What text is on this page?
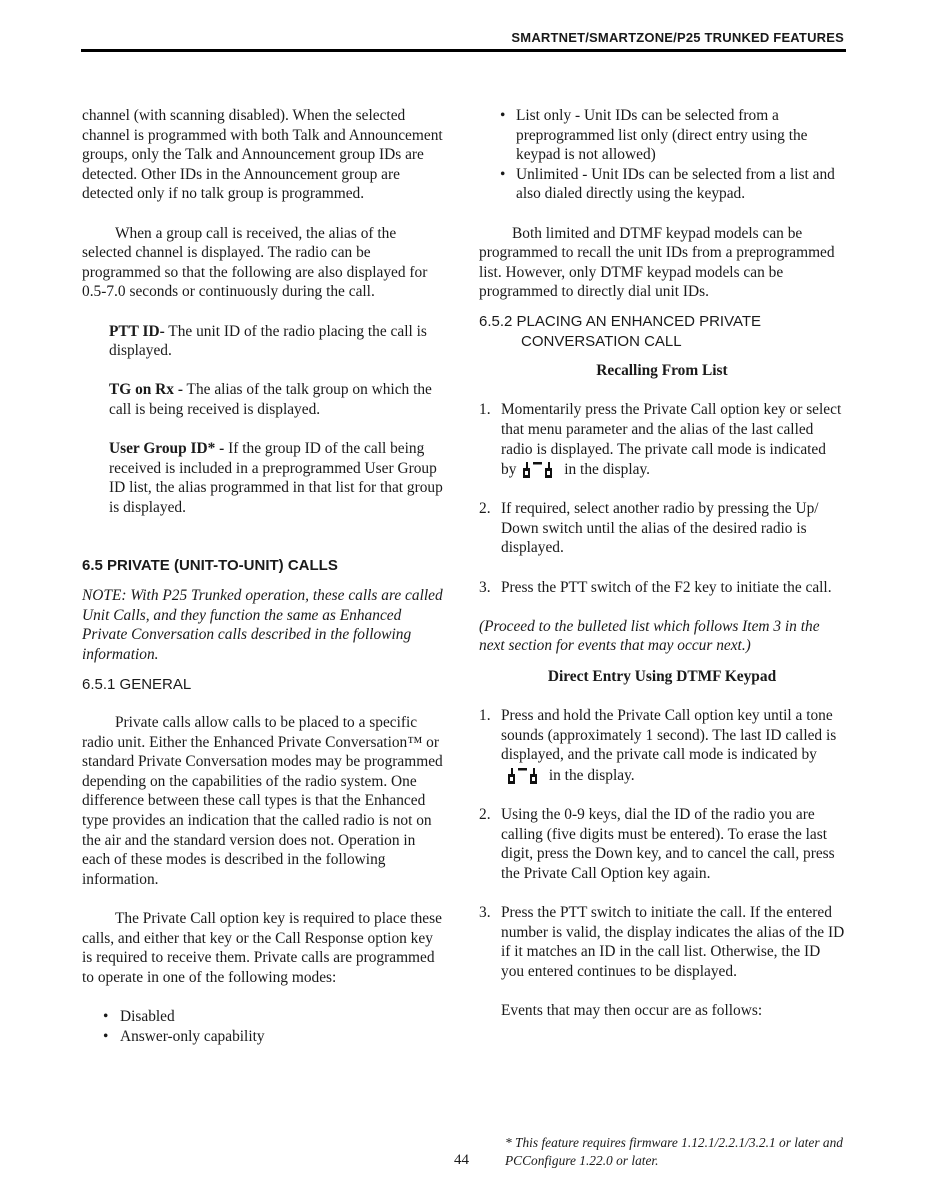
SMARTNET/SMARTZONE/P25 TRUNKED FEATURES

channel (with scanning disabled). When the selected channel is programmed with both Talk and Announcement groups, only the Talk and Announcement group IDs are detected. Other IDs in the Announcement group are detected only if no talk group is programmed.

When a group call is received, the alias of the selected channel is displayed. The radio can be programmed so that the following are also displayed for 0.5-7.0 seconds or continuously during the call.

PTT ID- The unit ID of the radio placing the call is displayed.

TG on Rx - The alias of the talk group on which the call is being received is displayed.

User Group ID* - If the group ID of the call being received is included in a preprogrammed User Group ID list, the alias programmed in that list for that group is displayed.

6.5 PRIVATE (UNIT-TO-UNIT) CALLS

NOTE: With P25 Trunked operation, these calls are called Unit Calls, and they function the same as Enhanced Private Conversation calls described in the following information.

6.5.1 GENERAL

Private calls allow calls to be placed to a specific radio unit. Either the Enhanced Private Conversation™ or standard Private Conversation modes may be programmed depending on the capabilities of the radio system. One difference between these call types is that the Enhanced type provides an indication that the called radio is not on the air and the standard version does not. Operation in each of these modes is described in the following information.

The Private Call option key is required to place these calls, and either that key or the Call Response option key is required to receive them. Private calls are programmed to operate in one of the following modes:

• Disabled
• Answer-only capability
• List only - Unit IDs can be selected from a preprogrammed list only (direct entry using the keypad is not allowed)
• Unlimited - Unit IDs can be selected from a list and also dialed directly using the keypad.

Both limited and DTMF keypad models can be programmed to recall the unit IDs from a preprogrammed list. However, only DTMF keypad models can be programmed to directly dial unit IDs.

6.5.2 PLACING AN ENHANCED PRIVATE
CONVERSATION CALL

Recalling From List

1. Momentarily press the Private Call option key or select that menu parameter and the alias of the last called radio is displayed. The private call mode is indicated by	in the display.
2. If required, select another radio by pressing the Up/ Down switch until the alias of the desired radio is displayed.
3. Press the PTT switch of the F2 key to initiate the call.

(Proceed to the bulleted list which follows Item 3 in the next section for events that may occur next.)

Direct Entry Using DTMF Keypad

1. Press and hold the Private Call option key until a tone sounds (approximately 1 second). The last ID called is displayed, and the private call mode is indicated by in the display.
2. Using the 0-9 keys, dial the ID of the radio you are calling (five digits must be entered). To erase the last digit, press the Down key, and to cancel the call, press the Private Call Option key again.
3. Press the PTT switch to initiate the call. If the entered number is valid, the display indicates the alias of the ID if it matches an ID in the call list. Otherwise, the ID you entered continues to be displayed.

Events that may then occur are as follows:

* This feature requires firmware 1.12.1/2.2.1/3.2.1 or later and PCConfigure 1.22.0 or later.
44
